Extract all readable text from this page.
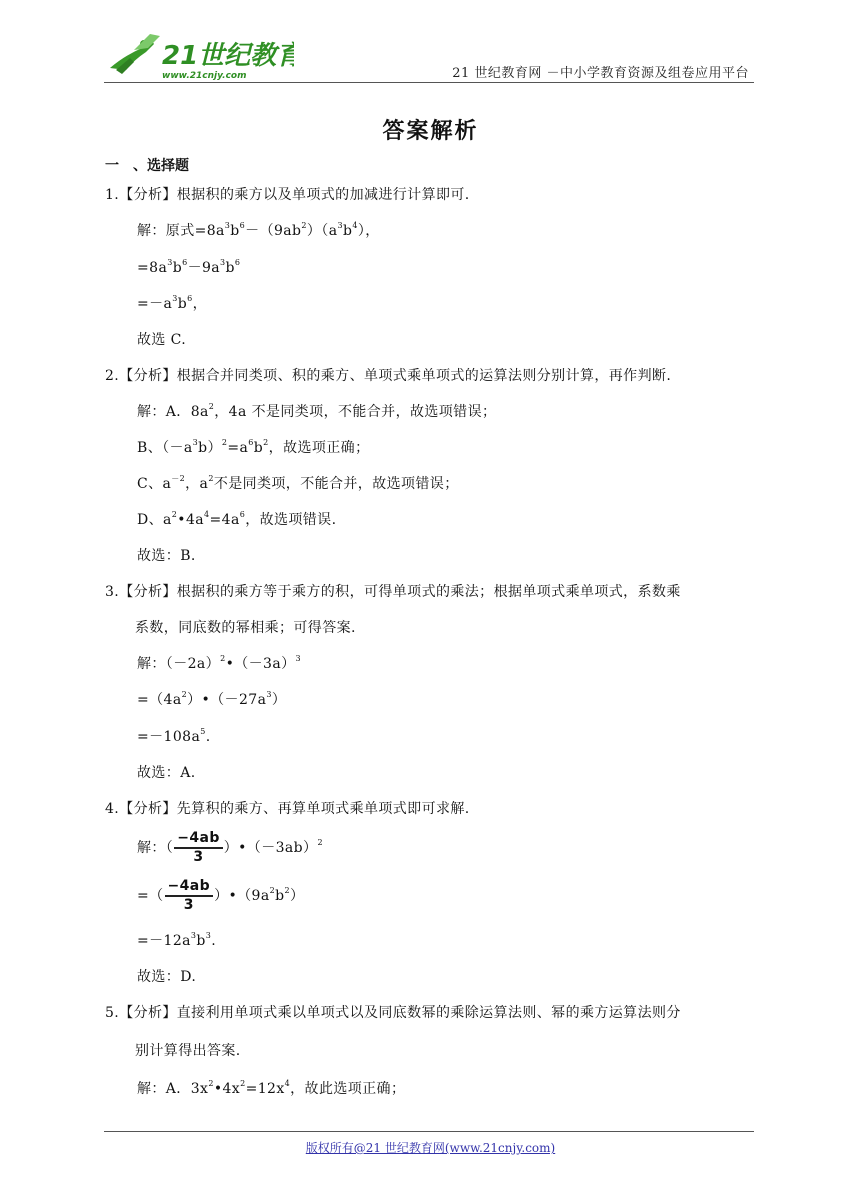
21世纪教育
www.21cnjy.com	21 世纪教育网 －中小学教育资源及组卷应用平台
答案解析
一　、选择题
1.【分析】根据积的乘方以及单项式的加减进行计算即可.
解：原式$=8a^3b^6-(9ab^2)(a^3b^4)$，
$=8a^3b^6-9a^3b^6$
$=-a^3b^6$，
故选 C.
2.【分析】根据合并同类项、积的乘方、单项式乘单项式的运算法则分别计算，再作判断.
解：A．$8a^2$，4a 不是同类项，不能合并，故选项错误；
B、$(-a^3b)^2=a^6b^2$，故选项正确；
C、$a^{-2}$，$a^2$不是同类项，不能合并，故选项错误；
D、$a^2•4a^4=4a^6$，故选项错误.
故选：B.
3.【分析】根据积的乘方等于乘方的积，可得单项式的乘法；根据单项式乘单项式，系数乘
系数，同底数的幂相乘；可得答案.
解：$(-2a)^2•(-3a)^3$
$=(4a^2)•(-27a^3)$
$=-108a^5$.
故选：A.
4.【分析】先算积的乘方、再算单项式乘单项式即可求解.
解：（ $\frac{-4ab}{3}$ ）$•(-3ab)^2$
=（ $\frac{-4ab}{3}$ ）$•(9a^2b^2)$
$=-12a^3b^3$.
故选：D.
5.【分析】直接利用单项式乘以单项式以及同底数幂的乘除运算法则、幂的乘方运算法则分
别计算得出答案.
解：A．$3x^2•4x^2=12x^4$，故此选项正确；
版权所有@21 世纪教育网(www.21cnjy.com)
